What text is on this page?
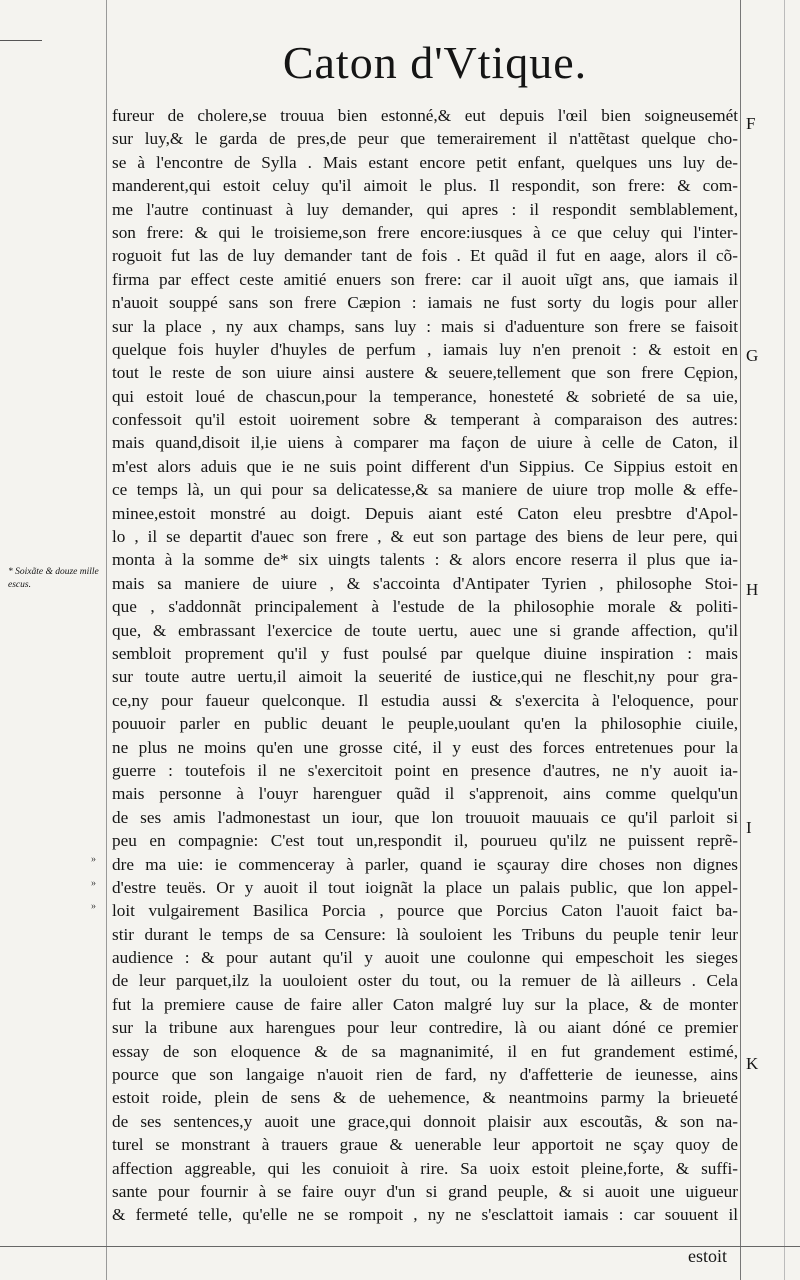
Caton d'Vtique.
fureur de cholere,se trouua bien estonné,& eut depuis l'œil bien soigneusemét
sur luy,& le garda de pres,de peur que temerairement il n'attẽtast quelque cho-
se à l'encontre de Sylla . Mais estant encore petit enfant, quelques uns luy de-
manderent,qui estoit celuy qu'il aimoit le plus. Il respondit, son frere: & com-
me l'autre continuast à luy demander, qui apres : il respondit semblablement,
son frere: & qui le troisieme,son frere encore:iusques à ce que celuy qui l'inter-
roguoit fut las de luy demander tant de fois . Et quãd il fut en aage, alors il cõ-
firma par effect ceste amitié enuers son frere: car il auoit uĩgt ans, que iamais il
n'auoit souppé sans son frere Cæpion : iamais ne fust sorty du logis pour aller
sur la place , ny aux champs, sans luy : mais si d'aduenture son frere se faisoit
quelque fois huyler d'huyles de perfum , iamais luy n'en prenoit : & estoit en
tout le reste de son uiure ainsi austere & seuere,tellement que son frere Cępion,
qui estoit loué de chascun,pour la temperance, honesteté & sobrieté de sa uie,
confessoit qu'il estoit uoirement sobre & temperant à comparaison des autres:
mais quand,disoit il,ie uiens à comparer ma façon de uiure à celle de Caton, il
m'est alors aduis que ie ne suis point different d'un Sippius. Ce Sippius estoit en
ce temps là, un qui pour sa delicatesse,& sa maniere de uiure trop molle & effe-
minee,estoit monstré au doigt. Depuis aiant esté Caton eleu presbtre d'Apol-
lo , il se departit d'auec son frere , & eut son partage des biens de leur pere, qui
monta à la somme de* six uingts talents : & alors encore reserra il plus que ia-
mais sa maniere de uiure , & s'accointa d'Antipater Tyrien , philosophe Stoi-
que , s'addonnãt principalement à l'estude de la philosophie morale & politi-
que, & embrassant l'exercice de toute uertu, auec une si grande affection, qu'il
sembloit proprement qu'il y fust poulsé par quelque diuine inspiration : mais
sur toute autre uertu,il aimoit la seuerité de iustice,qui ne fleschit,ny pour gra-
ce,ny pour faueur quelconque. Il estudia aussi & s'exercita à l'eloquence, pour
pouuoir parler en public deuant le peuple,uoulant qu'en la philosophie ciuile,
ne plus ne moins qu'en une grosse cité, il y eust des forces entretenues pour la
guerre : toutefois il ne s'exercitoit point en presence d'autres, ne n'y auoit ia-
mais personne à l'ouyr harenguer quãd il s'apprenoit, ains comme quelqu'un
de ses amis l'admonestast un iour, que lon trouuoit mauuais ce qu'il parloit si
peu en compagnie: C'est tout un,respondit il, pourueu qu'ilz ne puissent reprẽ-
dre ma uie: ie commenceray à parler, quand ie sçauray dire choses non dignes
d'estre teuës. Or y auoit il tout ioignãt la place un palais public, que lon appel-
loit vulgairement Basilica Porcia , pource que Porcius Caton l'auoit faict ba-
stir durant le temps de sa Censure: là souloient les Tribuns du peuple tenir leur
audience : & pour autant qu'il y auoit une coulonne qui empeschoit les sieges
de leur parquet,ilz la uouloient oster du tout, ou la remuer de là ailleurs . Cela
fut la premiere cause de faire aller Caton malgré luy sur la place, & de monter
sur la tribune aux harengues pour leur contredire, là ou aiant dóné ce premier
essay de son eloquence & de sa magnanimité, il en fut grandement estimé,
pource que son langaige n'auoit rien de fard, ny d'affetterie de ieunesse, ains
estoit roide, plein de sens & de uehemence, & neantmoins parmy la brieueté
de ses sentences,y auoit une grace,qui donnoit plaisir aux escoutãs, & son na-
turel se monstrant à trauers graue & uenerable leur apportoit ne sçay quoy de
affection aggreable, qui les conuioit à rire. Sa uoix estoit pleine,forte, & suffi-
sante pour fournir à se faire ouyr d'un si grand peuple, & si auoit une uigueur
& fermeté telle, qu'elle ne se rompoit , ny ne s'esclattoit iamais : car souuent il
* Soixãte & douze mille escus.
F
G
H
I
K
»
»
»
estoit
